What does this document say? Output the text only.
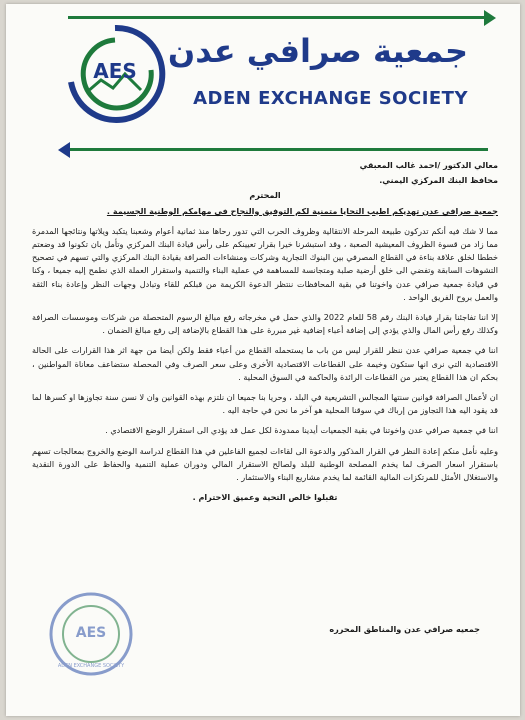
AES
جمعية صرافي عدن
ADEN EXCHANGE SOCIETY

معالي الدكتور /احمد غالب المعبقي

محافظ البنك المركزي اليمني.

المحترم

جمعية صرافي عدن تهديكم اطيب التحايا متمنية لكم التوفيق والنجاح في مهامكم الوطنية الجسيمة .

مما لا شك فيه أنكم تدركون طبيعة المرحلة الانتقالية وظروف الحرب التي تدور رحاها منذ ثمانية أعوام وشعبنا يتكبد ويلاتها ونتائجها المدمرة مما زاد من قسوة الظروف المعيشية الصعبة ، وقد استبشرنا خيرا بقرار تعيينكم على رأس قيادة البنك المركزي وتأمل بان تكونوا قد وضعتم خططا لخلق علاقة بناءة في القطاع المصرفي بين البنوك التجارية وشركات ومنشاءات الصرافة بقيادة البنك المركزي والتي تسهم في تصحيح التشوهات السابقة وتفضي الى خلق أرضية صلبة ومتجانسة للمساهمة في عملية البناء والتنمية واستقرار العملة الذي نطمح إليه جميعا ، وكنا في قيادة جمعية صرافي عدن واخوتنا في بقية المحافظات ننتظر الدعوة الكريمة من قبلكم للقاء وتبادل وجهات النظر وإعادة بناء الثقة والعمل بروح الفريق الواحد .

إلا اننا تفاجئنا بقرار قيادة البنك رقم 58 للعام 2022 والذي حمل في مخرجاته رفع مبالغ الرسوم المتحصلة من شركات وموسسات الصرافة وكذلك رفع رأس المال والذي يؤدي إلى إضافة أعباء إضافية غير مبررة على هذا القطاع بالإضافة إلى رفع مبالغ الضمان .

اننا في جمعية صرافي عدن ننظر للقرار ليس من باب ما يستحمله القطاع من أعباء فقط ولكن أيضا من جهة اثر هذا القرارات على الحالة الاقتصادية التي نرى انها ستكون وخيمة على القطاعات الاقتصادية الأخرى وعلى سعر الصرف وفي المحصلة ستضاعف معاناة المواطنين ، بحكم ان هذا القطاع يعتبر من القطاعات الرائدة والحاكمة في السوق المحلية .

ان لأعمال الصرافة قوانين سنتها المجالس التشريعية في البلد ، وحريا بنا جميعا ان نلتزم بهذه القوانين وان لا نسن سنة تجاوزها او كسرها لما قد يقود اليه هذا التجاوز من إرباك في سوقنا المحلية هو آخر ما نحن في حاجة اليه .

اننا في جمعية صرافي عدن واخوتنا في بقية الجمعيات أيدينا ممدودة لكل عمل قد يؤدي الى استقرار الوضع الاقتصادي .

وعليه نأمل منكم إعادة النظر في القرار المذكور والدعوة الى لقاءات لجميع الفاعلين في هذا القطاع لدراسة الوضع والخروج بمعالجات تسهم باستقرار اسعار الصرف لما يخدم المصلحة الوطنية للبلد ولصالح الاستقرار المالي ودوران عملية التنمية والحفاظ على الدورة النقدية والاستغلال الأمثل للمرتكزات المالية القائمة لما يخدم مشاريع البناء والاستثمار .

تقبلوا خالص التحية وعميق الاحترام .

AES
ADEN EXCHANGE SOCIETY
جمعيه صرافي عدن والمناطق المحرره
